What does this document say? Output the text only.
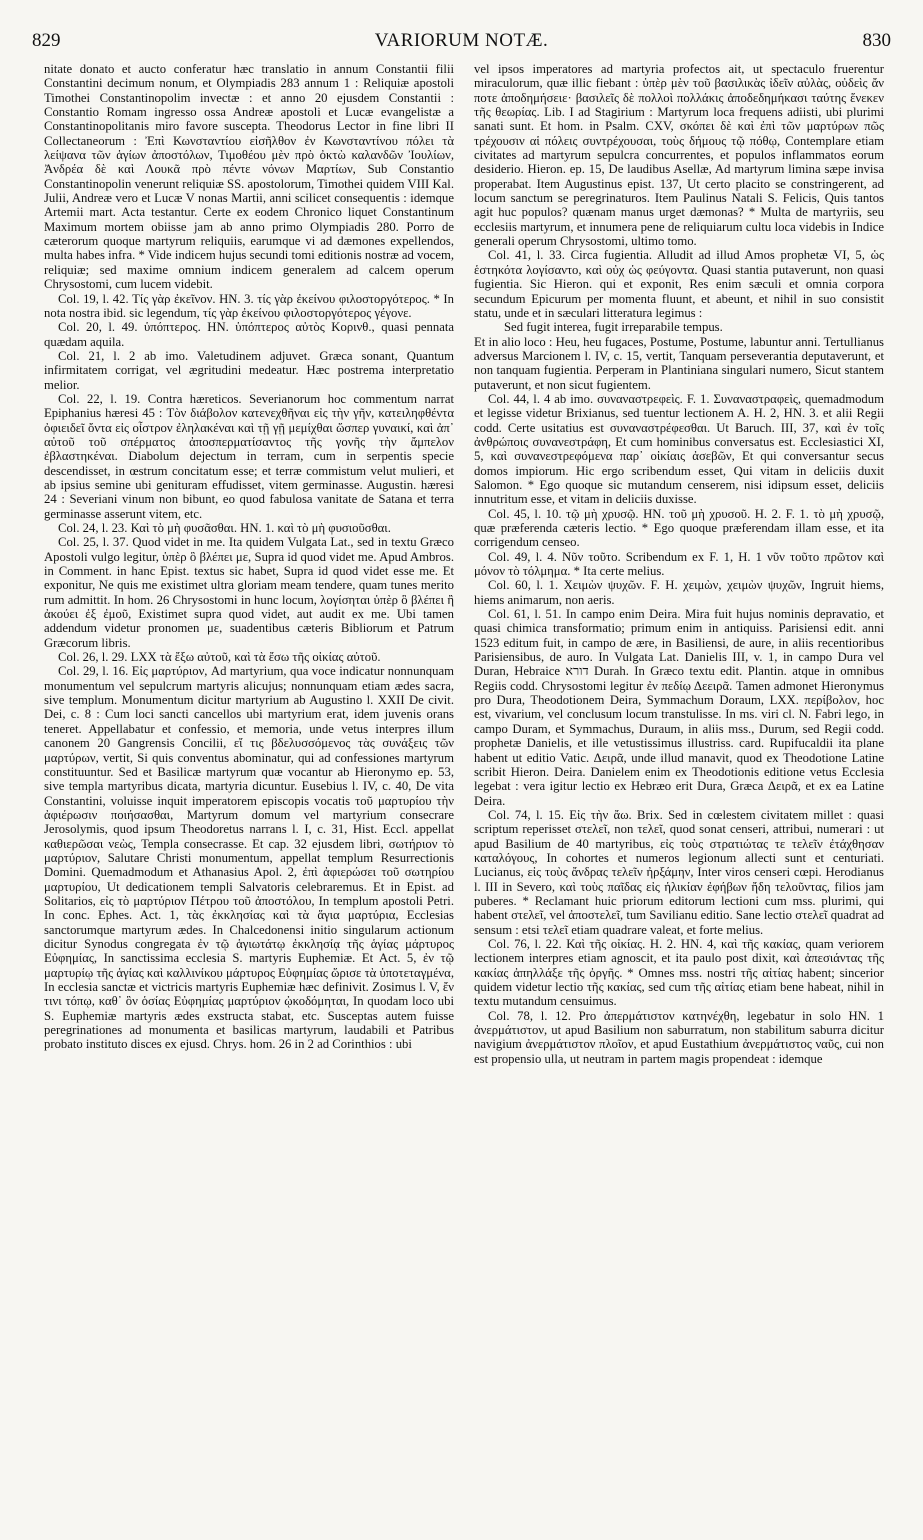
829	VARIORUM NOTÆ.	830

nitate donato et aucto conferatur hæc translatio in annum Constantii filii Constantini decimum nonum, et Olympiadis 283 annum 1 : Reliquiæ apostoli Timothei Constantinopolim invectæ : et anno 20 ejusdem Constantii : Constantio Romam ingresso ossa Andreæ apostoli et Lucæ evangelistæ a Constantinopolitanis miro favore suscepta. Theodorus Lector in fine libri II Collectaneorum : Ἐπὶ Κωνσταντίου εἰσῆλθον ἐν Κωνσταντίνου πόλει τὰ λείψανα τῶν ἁγίων ἀποστόλων, Τιμοθέου μὲν πρὸ ὀκτὼ καλανδῶν Ἰουλίων, Ἀνδρέα δὲ καὶ Λουκᾶ πρὸ πέντε νόνων Μαρτίων, Sub Constantio Constantinopolin venerunt reliquiæ SS. apostolorum, Timothei quidem VIII Kal. Julii, Andreæ vero et Lucæ V nonas Martii, anni scilicet consequentis : idemque Artemii mart. Acta testantur. Certe ex eodem Chronico liquet Constantinum Maximum mortem obiisse jam ab anno primo Olympiadis 280. Porro de cæterorum quoque martyrum reliquiis, earumque vi ad dæmones expellendos, multa habes infra. * Vide indicem hujus secundi tomi editionis nostræ ad vocem, reliquiæ; sed maxime omnium indicem generalem ad calcem operum Chrysostomi, cum lucem videbit.

Col. 19, l. 42. Τίς γὰρ ἐκεῖνον. HN. 3. τίς γὰρ ἐκείνου φιλοστοργότερος. * In nota nostra ibid. sic legendum, τίς γὰρ ἐκείνου φιλοστοργότερος γέγονε.

Col. 20, l. 49. ὑπόπτερος. HN. ὑπόπτερος αὐτὸς Κορινθ., quasi pennata quædam aquila.

Col. 21, l. 2 ab imo. Valetudinem adjuvet. Græca sonant, Quantum infirmitatem corrigat, vel ægritudini medeatur. Hæc postrema interpretatio melior.

Col. 22, l. 19. Contra hæreticos. Severianorum hoc commentum narrat Epiphanius hæresi 45 : Τὸν διάβολον κατενεχθῆναι εἰς τὴν γῆν, κατειληφθέντα ὀφιειδεῖ ὄντα εἰς οἶστρον ἐληλακέναι καὶ τῇ γῇ μεμίχθαι ὥσπερ γυναικί, καὶ ἀπ᾽ αὐτοῦ τοῦ σπέρματος ἀποσπερματίσαντος τῆς γονῆς τὴν ἄμπελον ἐβλαστηκέναι. Diabolum dejectum in terram, cum in serpentis specie descendisset, in œstrum concitatum esse; et terræ commistum velut mulieri, et ab ipsius semine ubi genituram effudisset, vitem germinasse. Augustin. hæresi 24 : Severiani vinum non bibunt, eo quod fabulosa vanitate de Satana et terra germinasse asserunt vitem, etc.

Col. 24, l. 23. Καὶ τὸ μὴ φυσᾶσθαι. HN. 1. καὶ τὸ μὴ φυσιοῦσθαι.

Col. 25, l. 37. Quod videt in me. Ita quidem Vulgata Lat., sed in textu Græco Apostoli vulgo legitur, ὑπὲρ ὃ βλέπει με, Supra id quod videt me. Apud Ambros. in Comment. in hanc Epist. textus sic habet, Supra id quod videt esse me. Et exponitur, Ne quis me existimet ultra gloriam meam tendere, quam tunes merito rum admittit. In hom. 26 Chrysostomi in hunc locum, λογίσηται ὑπὲρ ὃ βλέπει ἢ ἀκούει ἐξ ἐμοῦ, Existimet supra quod videt, aut audit ex me. Ubi tamen addendum videtur pronomen με, suadentibus cæteris Bibliorum et Patrum Græcorum libris.

Col. 26, l. 29. LXX τὰ ἔξω αὐτοῦ, καὶ τὰ ἔσω τῆς οἰκίας αὐτοῦ.

Col. 29, l. 16. Εἰς μαρτύριον, Ad martyrium, qua voce indicatur nonnunquam monumentum vel sepulcrum martyris alicujus; nonnunquam etiam ædes sacra, sive templum. Monumentum dicitur martyrium ab Augustino l. XXII De civit. Dei, c. 8 : Cum loci sancti cancellos ubi martyrium erat, idem juvenis orans teneret. Appellabatur et confessio, et memoria, unde vetus interpres illum canonem 20 Gangrensis Concilii, εἴ τις βδελυσσόμενος τὰς συνάξεις τῶν μαρτύρων, vertit, Si quis conventus abominatur, qui ad confessiones martyrum constituuntur. Sed et Basilicæ martyrum quæ vocantur ab Hieronymo ep. 53, sive templa martyribus dicata, martyria dicuntur. Eusebius l. IV, c. 40, De vita Constantini, voluisse inquit imperatorem episcopis vocatis τοῦ μαρτυρίου τὴν ἀφιέρωσιν ποιήσασθαι, Martyrum domum vel martyrium consecrare Jerosolymis, quod ipsum Theodoretus narrans l. I, c. 31, Hist. Eccl. appellat καθιερῶσαι νεὼς, Templa consecrasse. Et cap. 32 ejusdem libri, σωτήριον τὸ μαρτύριον, Salutare Christi monumentum, appellat templum Resurrectionis Domini. Quemadmodum et Athanasius Apol. 2, ἐπὶ ἀφιερώσει τοῦ σωτηρίου μαρτυρίου, Ut dedicationem templi Salvatoris celebraremus. Et in Epist. ad Solitarios, εἰς τὸ μαρτύριον Πέτρου τοῦ ἀποστόλου, In templum apostoli Petri. In conc. Ephes. Act. 1, τὰς ἐκκλησίας καὶ τὰ ἅγια μαρτύρια, Ecclesias sanctorumque martyrum ædes. In Chalcedonensi initio singularum actionum dicitur Synodus congregata ἐν τῷ ἁγιωτάτῳ ἐκκλησίᾳ τῆς ἁγίας μάρτυρος Εὐφημίας, In sanctissima ecclesia S. martyris Euphemiæ. Et Act. 5, ἐν τῷ μαρτυρίῳ τῆς ἁγίας καὶ καλλινίκου μάρτυρος Εὐφημίας ὥρισε τὰ ὑποτεταγμένα, In ecclesia sanctæ et victricis martyris Euphemiæ hæc definivit. Zosimus l. V, ἔν τινι τόπῳ, καθ᾽ ὃν ὁσίας Εὐφημίας μαρτύριον ᾠκοδόμηται, In quodam loco ubi S. Euphemiæ martyris ædes exstructa stabat, etc. Susceptas autem fuisse peregrinationes ad monumenta et basilicas martyrum, laudabili et Patribus probato instituto disces ex ejusd. Chrys. hom. 26 in 2 ad Corinthios : ubi

vel ipsos imperatores ad martyria profectos ait, ut spectaculo fruerentur miraculorum, quæ illic fiebant : ὑπὲρ μὲν τοῦ βασιλικὰς ἰδεῖν αὐλὰς, οὐδεὶς ἄν ποτε ἀποδημήσειε· βασιλεῖς δὲ πολλοὶ πολλάκις ἀποδεδημήκασι ταύτης ἕνεκεν τῆς θεωρίας. Lib. I ad Stagirium : Martyrum loca frequens adiisti, ubi plurimi sanati sunt. Et hom. in Psalm. CXV, σκόπει δὲ καὶ ἐπὶ τῶν μαρτύρων πῶς τρέχουσιν αἱ πόλεις συντρέχουσαι, τοὺς δήμους τῷ πόθῳ, Contemplare etiam civitates ad martyrum sepulcra concurrentes, et populos inflammatos eorum desiderio. Hieron. ep. 15, De laudibus Asellæ, Ad martyrum limina sæpe invisa properabat. Item Augustinus epist. 137, Ut certo placito se constringerent, ad locum sanctum se peregrinaturos. Item Paulinus Natali S. Felicis, Quis tantos agit huc populos? quænam manus urget dæmonas? * Multa de martyriis, seu ecclesiis martyrum, et innumera pene de reliquiarum cultu loca videbis in Indice generali operum Chrysostomi, ultimo tomo.

Col. 41, l. 33. Circa fugientia. Alludit ad illud Amos prophetæ VI, 5, ὡς ἑστηκότα λογίσαντο, καὶ οὐχ ὡς φεύγοντα. Quasi stantia putaverunt, non quasi fugientia. Sic Hieron. qui et exponit, Res enim sæculi et omnia corpora secundum Epicurum per momenta fluunt, et abeunt, et nihil in suo consistit statu, unde et in sæculari litteratura legimus :

Sed fugit interea, fugit irreparabile tempus.

Et in alio loco : Heu, heu fugaces, Postume, Postume, labuntur anni. Tertullianus adversus Marcionem l. IV, c. 15, vertit, Tanquam perseverantia deputaverunt, et non tanquam fugientia. Perperam in Plantiniana singulari numero, Sicut stantem putaverunt, et non sicut fugientem.

Col. 44, l. 4 ab imo. συναναστρεφεὶς. F. 1. Συναναστραφεὶς, quemadmodum et legisse videtur Brixianus, sed tuentur lectionem A. H. 2, HN. 3. et alii Regii codd. Certe usitatius est συναναστρέφεσθαι. Ut Baruch. III, 37, καὶ ἐν τοῖς ἀνθρώποις συνανεστράφη, Et cum hominibus conversatus est. Ecclesiastici XI, 5, καὶ συνανεστρεφόμενα παρ᾽ οἰκίαις ἀσεβῶν, Et qui conversantur secus domos impiorum. Hic ergo scribendum esset, Qui vitam in deliciis duxit Salomon. * Ego quoque sic mutandum censerem, nisi idipsum esset, deliciis innutritum esse, et vitam in deliciis duxisse.

Col. 45, l. 10. τῷ μὴ χρυσῷ. HN. τοῦ μὴ χρυσοῦ. H. 2. F. 1. τὸ μὴ χρυσῷ, quæ præferenda cæteris lectio. * Ego quoque præferendam illam esse, et ita corrigendum censeo.

Col. 49, l. 4. Νῦν τοῦτο. Scribendum ex F. 1, H. 1 νῦν τοῦτο πρῶτον καὶ μόνον τὸ τόλμημα. * Ita certe melius.

Col. 60, l. 1. Χειμὼν ψυχῶν. F. H. χειμὼν, χειμὼν ψυχῶν, Ingruit hiems, hiems animarum, non aeris.

Col. 61, l. 51. In campo enim Deira. Mira fuit hujus nominis depravatio, et quasi chimica transformatio; primum enim in antiquiss. Parisiensi edit. anni 1523 editum fuit, in campo de ære, in Basiliensi, de aure, in aliis recentioribus Parisiensibus, de auro. In Vulgata Lat. Danielis III, v. 1, in campo Dura vel Duran, Hebraice דורא Durah. In Græco textu edit. Plantin. atque in omnibus Regiis codd. Chrysostomi legitur ἐν πεδίῳ Δεειρᾶ. Tamen admonet Hieronymus pro Dura, Theodotionem Deira, Symmachum Doraum, LXX. περίβολον, hoc est, vivarium, vel conclusum locum transtulisse. In ms. viri cl. N. Fabri lego, in campo Duram, et Symmachus, Duraum, in aliis mss., Durum, sed Regii codd. prophetæ Danielis, et ille vetustissimus illustriss. card. Rupifucaldii ita plane habent ut editio Vatic. Δειρᾶ, unde illud manavit, quod ex Theodotione Latine scribit Hieron. Deira. Danielem enim ex Theodotionis editione vetus Ecclesia legebat : vera igitur lectio ex Hebræo erit Dura, Græca Δειρᾶ, et ex ea Latine Deira.

Col. 74, l. 15. Εἰς τὴν ἄω. Brix. Sed in cœlestem civitatem millet : quasi scriptum reperisset στελεῖ, non τελεῖ, quod sonat censeri, attribui, numerari : ut apud Basilium de 40 martyribus, εἰς τοὺς στρατιώτας τε τελεῖν ἐτάχθησαν καταλόγους, In cohortes et numeros legionum allecti sunt et centuriati. Lucianus, εἰς τοὺς ἄνδρας τελεῖν ἠρξάμην, Inter viros censeri cœpi. Herodianus l. III in Severo, καὶ τοὺς παῖδας εἰς ἡλικίαν ἐφήβων ἤδη τελοῦντας, filios jam puberes. * Reclamant huic priorum editorum lectioni cum mss. plurimi, qui habent στελεῖ, vel ἀποστελεῖ, tum Savilianu editio. Sane lectio στελεῖ quadrat ad sensum : etsi τελεῖ etiam quadrare valeat, et forte melius.

Col. 76, l. 22. Καὶ τῆς οἰκίας. H. 2. HN. 4, καὶ τῆς κακίας, quam veriorem lectionem interpres etiam agnoscit, et ita paulo post dixit, καὶ ἀπεσιάντας τῆς κακίας ἀπηλλάξε τῆς ὀργῆς. * Omnes mss. nostri τῆς αἰτίας habent; sincerior quidem videtur lectio τῆς κακίας, sed cum τῆς αἰτίας etiam bene habeat, nihil in textu mutandum censuimus.

Col. 78, l. 12. Pro ἀπερμάτιστον κατηνέχθη, legebatur in solo HN. 1 ἀνερμάτιστον, ut apud Basilium non saburratum, non stabilitum saburra dicitur navigium ἀνερμάτιστον πλοῖον, et apud Eustathium ἀνερμάτιστος ναῦς, cui non est propensio ulla, ut neutram in partem magis propendeat : idemque
